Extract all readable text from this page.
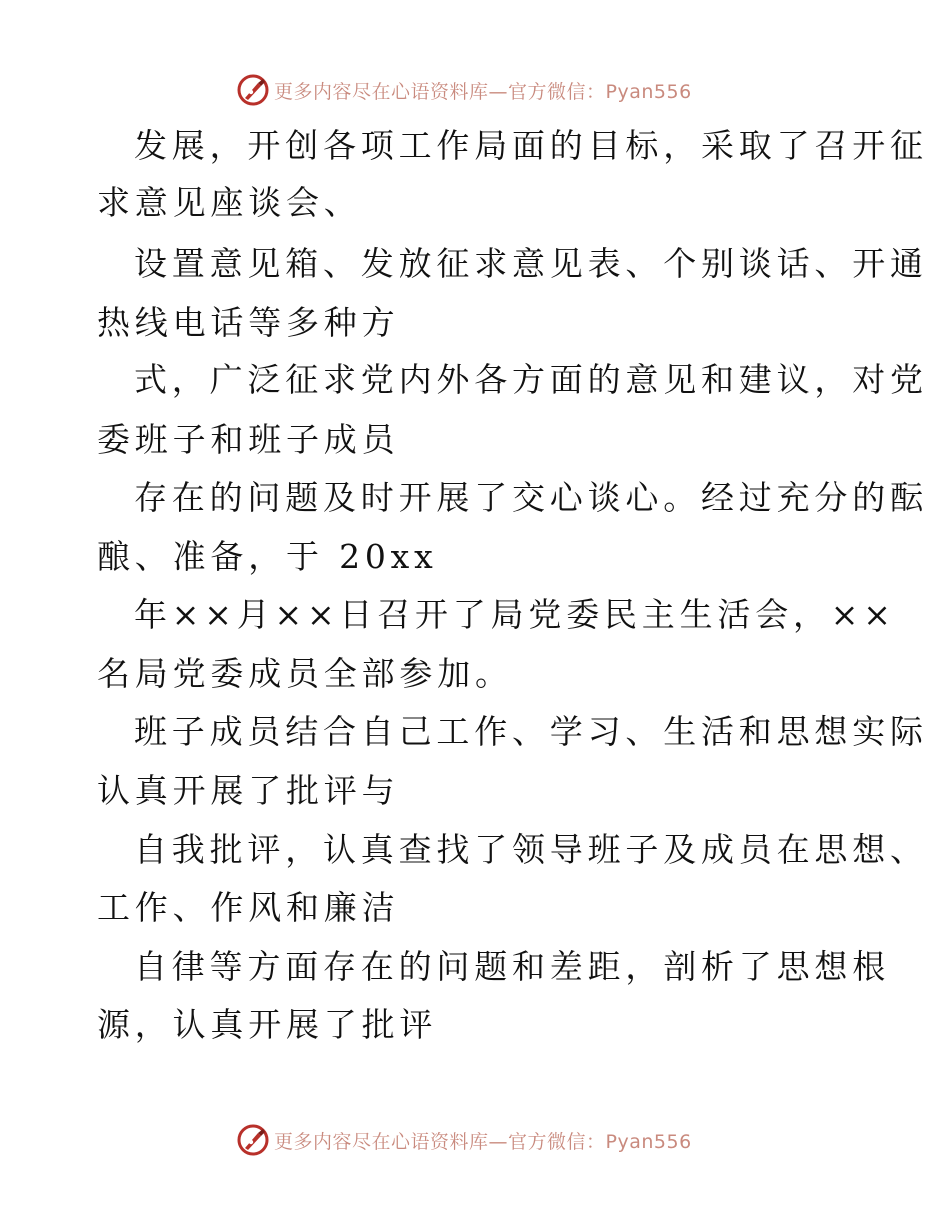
更多内容尽在心语资料库—官方微信：Pyan556
发展，开创各项工作局面的目标，采取了召开征
求意见座谈会、
设置意见箱、发放征求意见表、个别谈话、开通
热线电话等多种方
式，广泛征求党内外各方面的意见和建议，对党
委班子和班子成员
存在的问题及时开展了交心谈心。经过充分的酝
酿、准备，于 20xx
年××月××日召开了局党委民主生活会，××
名局党委成员全部参加。
班子成员结合自己工作、学习、生活和思想实际
认真开展了批评与
自我批评，认真查找了领导班子及成员在思想、
工作、作风和廉洁
自律等方面存在的问题和差距，剖析了思想根
源，认真开展了批评
更多内容尽在心语资料库—官方微信：Pyan556
